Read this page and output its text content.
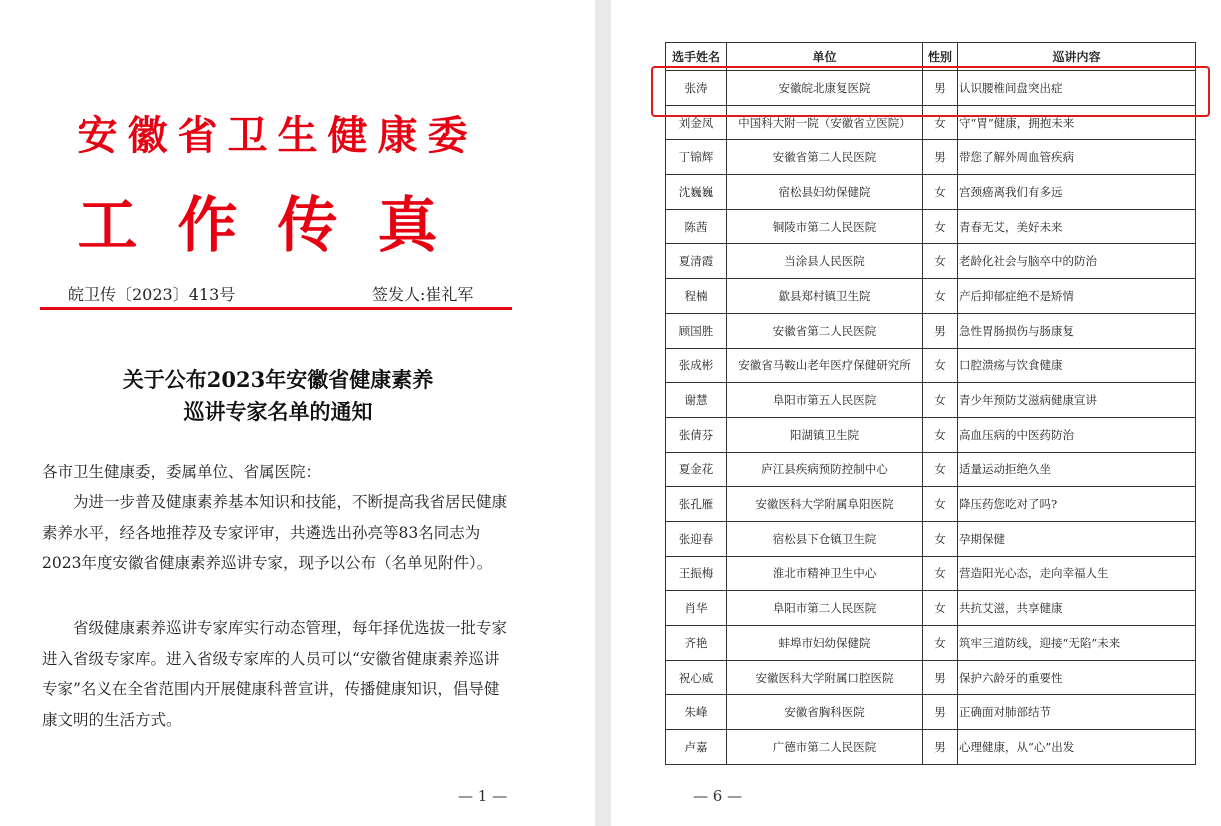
安徽省卫生健康委
工作传真
皖卫传〔2023〕413号	签发人:崔礼军
关于公布2023年安徽省健康素养
巡讲专家名单的通知
各市卫生健康委，委属单位、省属医院：
为进一步普及健康素养基本知识和技能，不断提高我省居民健康素养水平，经各地推荐及专家评审，共遴选出孙亮等83名同志为2023年度安徽省健康素养巡讲专家，现予以公布（名单见附件）。
省级健康素养巡讲专家库实行动态管理，每年择优选拔一批专家进入省级专家库。进入省级专家库的人员可以“安徽省健康素养巡讲专家”名义在全省范围内开展健康科普宣讲，传播健康知识，倡导健康文明的生活方式。
— 1 —
选手姓名	单位	性别	巡讲内容
张涛	安徽皖北康复医院	男	认识腰椎间盘突出症
刘金凤	中国科大附一院（安徽省立医院）	女	守“胃”健康，拥抱未来
丁锦辉	安徽省第二人民医院	男	带您了解外周血管疾病
沈巍巍	宿松县妇幼保健院	女	宫颈癌离我们有多远
陈茜	铜陵市第二人民医院	女	青春无艾，美好未来
夏清霞	当涂县人民医院	女	老龄化社会与脑卒中的防治
程楠	歙县郑村镇卫生院	女	产后抑郁症绝不是矫情
顾国胜	安徽省第二人民医院	男	急性胃肠损伤与肠康复
张成彬	安徽省马鞍山老年医疗保健研究所	女	口腔溃疡与饮食健康
谢慧	阜阳市第五人民医院	女	青少年预防艾滋病健康宣讲
张倩芬	阳湖镇卫生院	女	高血压病的中医药防治
夏金花	庐江县疾病预防控制中心	女	适量运动拒绝久坐
张孔雁	安徽医科大学附属阜阳医院	女	降压药您吃对了吗?
张迎春	宿松县下仓镇卫生院	女	孕期保健
王振梅	淮北市精神卫生中心	女	营造阳光心态，走向幸福人生
肖华	阜阳市第二人民医院	女	共抗艾滋，共享健康
齐艳	蚌埠市妇幼保健院	女	筑牢三道防线，迎接“无陷”未来
祝心威	安徽医科大学附属口腔医院	男	保护六龄牙的重要性
朱峰	安徽省胸科医院	男	正确面对肺部结节
卢嘉	广德市第二人民医院	男	心理健康，从“心”出发
— 6 —
